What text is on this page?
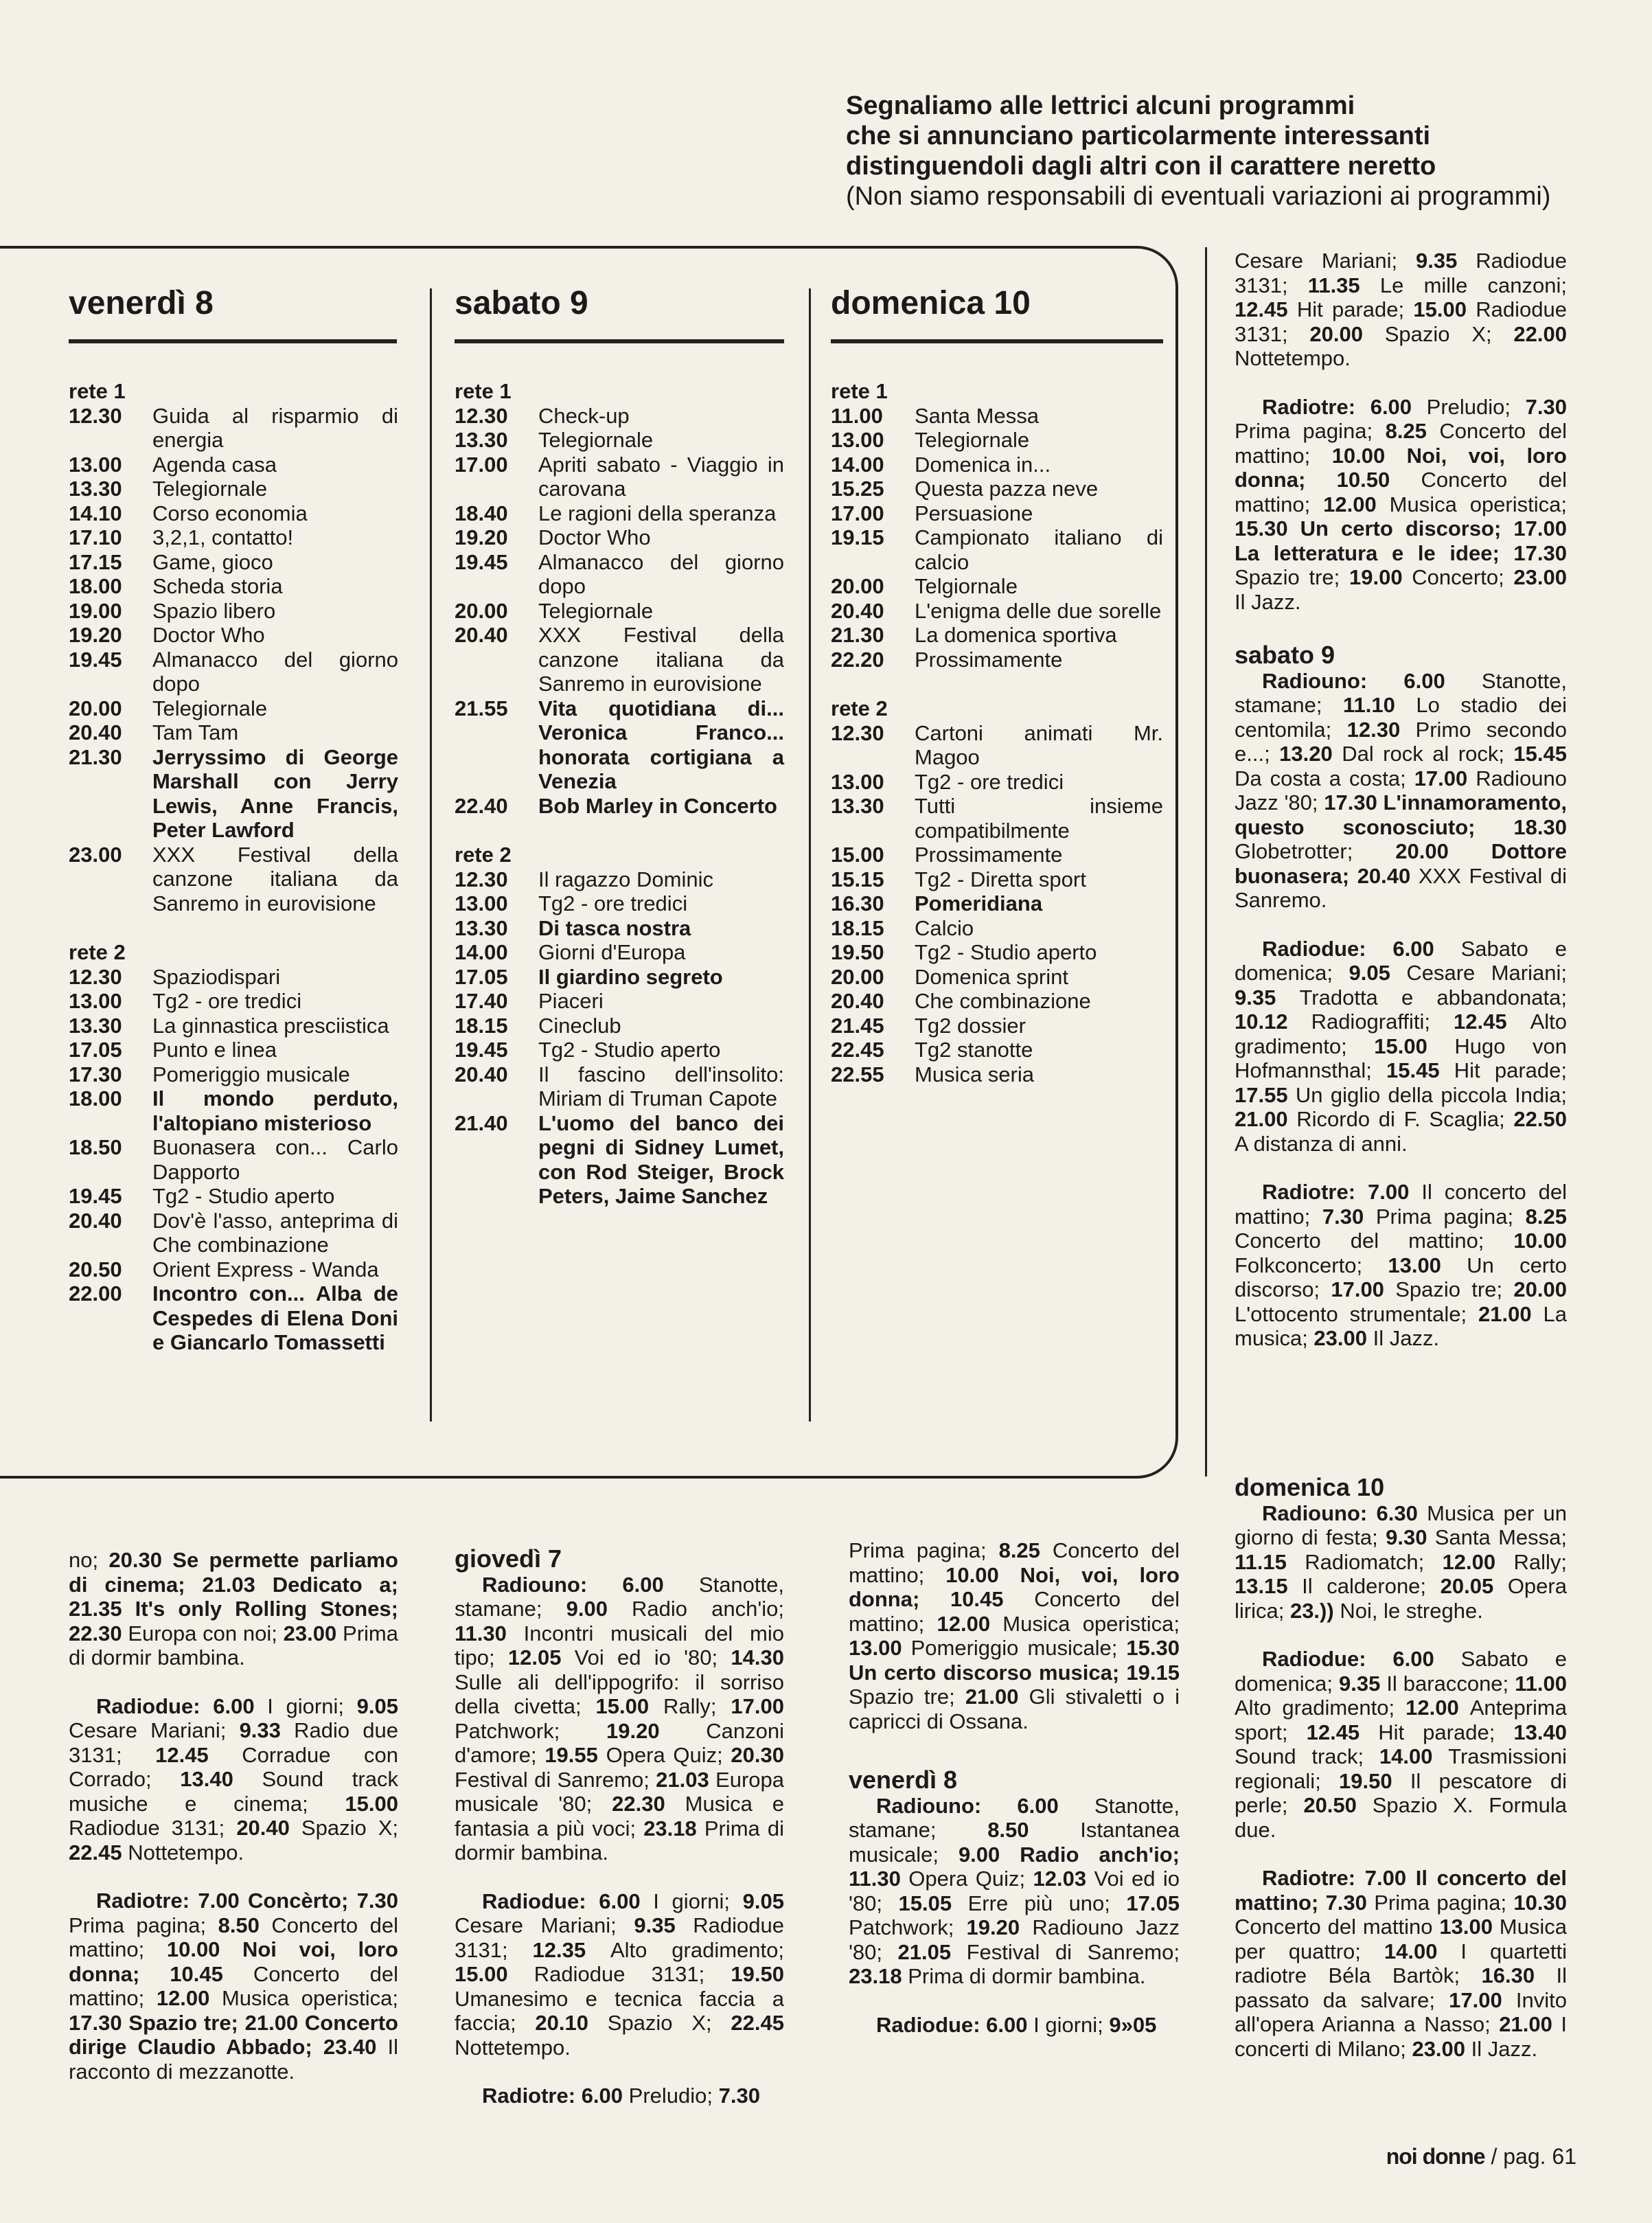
Segnaliamo alle lettrici alcuni programmi
che si annunciano particolarmente interessanti
distinguendoli dagli altri con il carattere neretto
(Non siamo responsabili di eventuali variazioni ai programmi)
venerdì 8
rete 1
12.30	Guida al risparmio di energia
13.00	Agenda casa
13.30	Telegiornale
14.10	Corso economia
17.10	3,2,1, contatto!
17.15	Game, gioco
18.00	Scheda storia
19.00	Spazio libero
19.20	Doctor Who
19.45	Almanacco del giorno dopo
20.00	Telegiornale
20.40	Tam Tam
21.30	Jerryssimo di George Marshall con Jerry Lewis, Anne Francis, Peter Lawford
23.00	XXX Festival della canzone italiana da Sanremo in eurovisione
rete 2
12.30	Spaziodispari
13.00	Tg2 - ore tredici
13.30	La ginnastica presciistica
17.05	Punto e linea
17.30	Pomeriggio musicale
18.00	Il mondo perduto, l'altopiano misterioso
18.50	Buonasera con... Carlo Dapporto
19.45	Tg2 - Studio aperto
20.40	Dov'è l'asso, anteprima di Che combinazione
20.50	Orient Express - Wanda
22.00	Incontro con... Alba de Cespedes di Elena Doni e Giancarlo Tomassetti
sabato 9
rete 1
12.30	Check-up
13.30	Telegiornale
17.00	Apriti sabato - Viaggio in carovana
18.40	Le ragioni della speranza
19.20	Doctor Who
19.45	Almanacco del giorno dopo
20.00	Telegiornale
20.40	XXX Festival della canzone italiana da Sanremo in eurovisione
21.55	Vita quotidiana di... Veronica Franco... honorata cortigiana a Venezia
22.40	Bob Marley in Concerto
rete 2
12.30	Il ragazzo Dominic
13.00	Tg2 - ore tredici
13.30	Di tasca nostra
14.00	Giorni d'Europa
17.05	Il giardino segreto
17.40	Piaceri
18.15	Cineclub
19.45	Tg2 - Studio aperto
20.40	Il fascino dell'insolito: Miriam di Truman Capote
21.40	L'uomo del banco dei pegni di Sidney Lumet, con Rod Steiger, Brock Peters, Jaime Sanchez
domenica 10
rete 1
11.00	Santa Messa
13.00	Telegiornale
14.00	Domenica in...
15.25	Questa pazza neve
17.00	Persuasione
19.15	Campionato italiano di calcio
20.00	Telgiornale
20.40	L'enigma delle due sorelle
21.30	La domenica sportiva
22.20	Prossimamente
rete 2
12.30	Cartoni animati Mr. Magoo
13.00	Tg2 - ore tredici
13.30	Tutti insieme compatibilmente
15.00	Prossimamente
15.15	Tg2 - Diretta sport
16.30	Pomeridiana
18.15	Calcio
19.50	Tg2 - Studio aperto
20.00	Domenica sprint
20.40	Che combinazione
21.45	Tg2 dossier
22.45	Tg2 stanotte
22.55	Musica seria

Cesare Mariani; 9.35 Radiodue 3131; 11.35 Le mille canzoni; 12.45 Hit parade; 15.00 Radiodue 3131; 20.00 Spazio X; 22.00 Nottetempo.

Radiotre: 6.00 Preludio; 7.30 Prima pagina; 8.25 Concerto del mattino; 10.00 Noi, voi, loro donna; 10.50 Concerto del mattino; 12.00 Musica operistica; 15.30 Un certo discorso; 17.00 La letteratura e le idee; 17.30 Spazio tre; 19.00 Concerto; 23.00 Il Jazz.

sabato 9

Radiouno: 6.00 Stanotte, stamane; 11.10 Lo stadio dei centomila; 12.30 Primo secondo e...; 13.20 Dal rock al rock; 15.45 Da costa a costa; 17.00 Radiouno Jazz '80; 17.30 L'innamoramento, questo sconosciuto; 18.30 Globetrotter; 20.00 Dottore buonasera; 20.40 XXX Festival di Sanremo.

Radiodue: 6.00 Sabato e domenica; 9.05 Cesare Mariani; 9.35 Tradotta e abbandonata; 10.12 Radiograffiti; 12.45 Alto gradimento; 15.00 Hugo von Hofmannsthal; 15.45 Hit parade; 17.55 Un giglio della piccola India; 21.00 Ricordo di F. Scaglia; 22.50 A distanza di anni.

Radiotre: 7.00 Il concerto del mattino; 7.30 Prima pagina; 8.25 Concerto del mattino; 10.00 Folkconcerto; 13.00 Un certo discorso; 17.00 Spazio tre; 20.00 L'ottocento strumentale; 21.00 La musica; 23.00 Il Jazz.

domenica 10

Radiouno: 6.30 Musica per un giorno di festa; 9.30 Santa Messa; 11.15 Radiomatch; 12.00 Rally; 13.15 Il calderone; 20.05 Opera lirica; 23.)) Noi, le streghe.

Radiodue: 6.00 Sabato e domenica; 9.35 Il baraccone; 11.00 Alto gradimento; 12.00 Anteprima sport; 12.45 Hit parade; 13.40 Sound track; 14.00 Trasmissioni regionali; 19.50 Il pescatore di perle; 20.50 Spazio X. Formula due.

Radiotre: 7.00 Il concerto del mattino; 7.30 Prima pagina; 10.30 Concerto del mattino 13.00 Musica per quattro; 14.00 I quartetti radiotre Béla Bartòk; 16.30 Il passato da salvare; 17.00 Invito all'opera Arianna a Nasso; 21.00 I concerti di Milano; 23.00 Il Jazz.

no; 20.30 Se permette parliamo di cinema; 21.03 Dedicato a; 21.35 It's only Rolling Stones; 22.30 Europa con noi; 23.00 Prima di dormir bambina.

Radiodue: 6.00 I giorni; 9.05 Cesare Mariani; 9.33 Radio due 3131; 12.45 Corradue con Corrado; 13.40 Sound track musiche e cinema; 15.00 Radiodue 3131; 20.40 Spazio X; 22.45 Nottetempo.

Radiotre: 7.00 Concèrto; 7.30 Prima pagina; 8.50 Concerto del mattino; 10.00 Noi voi, loro donna; 10.45 Concerto del mattino; 12.00 Musica operistica; 17.30 Spazio tre; 21.00 Concerto dirige Claudio Abbado; 23.40 Il racconto di mezzanotte.

giovedì 7

Radiouno: 6.00 Stanotte, stamane; 9.00 Radio anch'io; 11.30 Incontri musicali del mio tipo; 12.05 Voi ed io '80; 14.30 Sulle ali dell'ippogrifo: il sorriso della civetta; 15.00 Rally; 17.00 Patchwork; 19.20 Canzoni d'amore; 19.55 Opera Quiz; 20.30 Festival di Sanremo; 21.03 Europa musicale '80; 22.30 Musica e fantasia a più voci; 23.18 Prima di dormir bambina.

Radiodue: 6.00 I giorni; 9.05 Cesare Mariani; 9.35 Radiodue 3131; 12.35 Alto gradimento; 15.00 Radiodue 3131; 19.50 Umanesimo e tecnica faccia a faccia; 20.10 Spazio X; 22.45 Nottetempo.

Radiotre: 6.00 Preludio; 7.30

Prima pagina; 8.25 Concerto del mattino; 10.00 Noi, voi, loro donna; 10.45 Concerto del mattino; 12.00 Musica operistica; 13.00 Pomeriggio musicale; 15.30 Un certo discorso musica; 19.15 Spazio tre; 21.00 Gli stivaletti o i capricci di Ossana.

venerdì 8

Radiouno: 6.00 Stanotte, stamane; 8.50 Istantanea musicale; 9.00 Radio anch'io; 11.30 Opera Quiz; 12.03 Voi ed io '80; 15.05 Erre più uno; 17.05 Patchwork; 19.20 Radiouno Jazz '80; 21.05 Festival di Sanremo; 23.18 Prima di dormir bambina.

Radiodue: 6.00 I giorni; 9»05

noi donne / pag. 61
